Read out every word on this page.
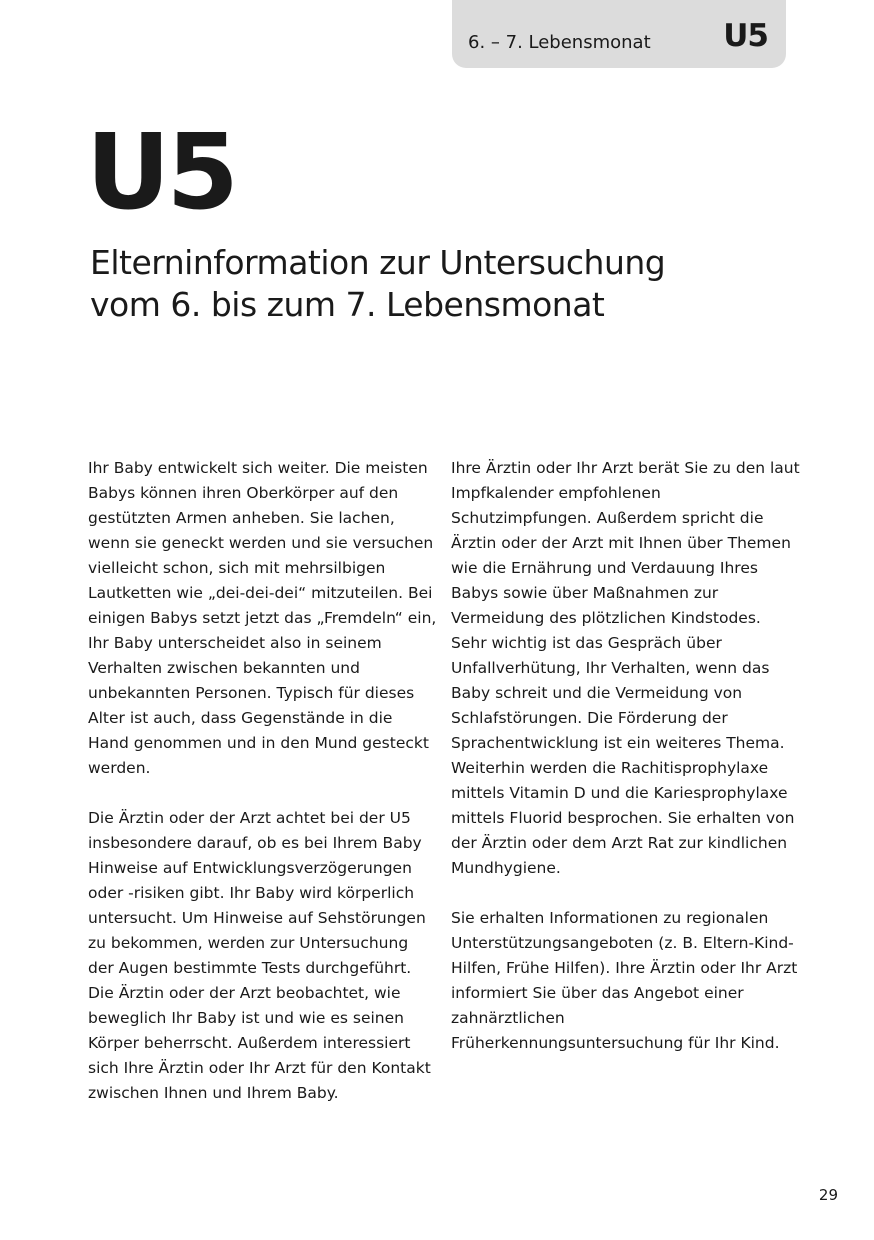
6. – 7. Lebensmonat U5
U5
Elterninformation zur Untersuchung
vom 6. bis zum 7. Lebensmonat

Ihr Baby entwickelt sich weiter. Die meisten Babys können ihren Oberkörper auf den gestützten Armen anheben. Sie lachen, wenn sie geneckt werden und sie versuchen vielleicht schon, sich mit mehrsilbigen Lautketten wie „dei-dei-dei“ mitzuteilen. Bei einigen Babys setzt jetzt das „Fremdeln“ ein, Ihr Baby unterscheidet also in seinem Verhalten zwischen bekannten und unbekannten Personen. Typisch für dieses Alter ist auch, dass Gegenstände in die Hand genommen und in den Mund gesteckt werden.

Die Ärztin oder der Arzt achtet bei der U5 insbesondere darauf, ob es bei Ihrem Baby Hinweise auf Entwicklungsverzögerungen oder -risiken gibt. Ihr Baby wird körperlich untersucht. Um Hinweise auf Sehstörungen zu bekommen, werden zur Untersuchung der Augen bestimmte Tests durchgeführt. Die Ärztin oder der Arzt beobachtet, wie beweglich Ihr Baby ist und wie es seinen Körper beherrscht. Außerdem interessiert sich Ihre Ärztin oder Ihr Arzt für den Kontakt zwischen Ihnen und Ihrem Baby.

Ihre Ärztin oder Ihr Arzt berät Sie zu den laut Impfkalender empfohlenen Schutzimpfungen. Außerdem spricht die Ärztin oder der Arzt mit Ihnen über Themen wie die Ernährung und Verdauung Ihres Babys sowie über Maßnahmen zur Vermeidung des plötzlichen Kindstodes. Sehr wichtig ist das Gespräch über Unfallverhütung, Ihr Verhalten, wenn das Baby schreit und die Vermeidung von Schlafstörungen. Die Förderung der Sprachentwicklung ist ein weiteres Thema. Weiterhin werden die Rachitisprophylaxe mittels Vitamin D und die Kariesprophylaxe mittels Fluorid besprochen. Sie erhalten von der Ärztin oder dem Arzt Rat zur kindlichen Mundhygiene.

Sie erhalten Informationen zu regionalen Unterstützungsangeboten (z. B. Eltern-Kind-Hilfen, Frühe Hilfen). Ihre Ärztin oder Ihr Arzt informiert Sie über das Angebot einer zahnärztlichen Früherkennungsuntersuchung für Ihr Kind.

29
